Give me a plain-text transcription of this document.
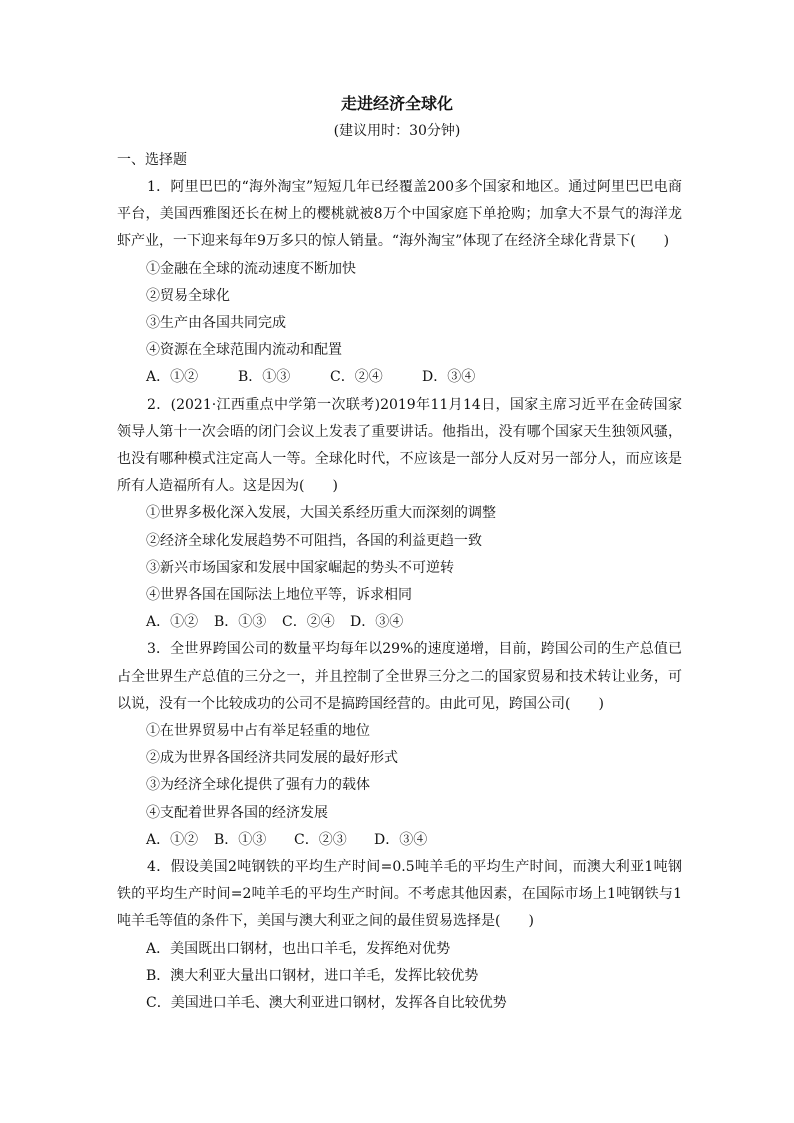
走进经济全球化
(建议用时：30分钟)
一、选择题

1．阿里巴巴的“海外淘宝”短短几年已经覆盖200多个国家和地区。通过阿里巴巴电商平台，美国西雅图还长在树上的樱桃就被8万个中国家庭下单抢购；加拿大不景气的海洋龙虾产业，一下迎来每年9万多只的惊人销量。“海外淘宝”体现了在经济全球化背景下(　　)

①金融在全球的流动速度不断加快

②贸易全球化

③生产由各国共同完成

④资源在全球范围内流动和配置

A．①②	B．①③	C．②④	D．③④

2．(2021·江西重点中学第一次联考)2019年11月14日，国家主席习近平在金砖国家领导人第十一次会晤的闭门会议上发表了重要讲话。他指出，没有哪个国家天生独领风骚，也没有哪种模式注定高人一等。全球化时代，不应该是一部分人反对另一部分人，而应该是所有人造福所有人。这是因为(　　)

①世界多极化深入发展，大国关系经历重大而深刻的调整

②经济全球化发展趋势不可阻挡，各国的利益更趋一致

③新兴市场国家和发展中国家崛起的势头不可逆转

④世界各国在国际法上地位平等，诉求相同

A．①② B．①③ C．②④ D．③④

3．全世界跨国公司的数量平均每年以29%的速度递增，目前，跨国公司的生产总值已占全世界生产总值的三分之一，并且控制了全世界三分之二的国家贸易和技术转让业务，可以说，没有一个比较成功的公司不是搞跨国经营的。由此可见，跨国公司(　　)

①在世界贸易中占有举足轻重的地位

②成为世界各国经济共同发展的最好形式

③为经济全球化提供了强有力的载体

④支配着世界各国的经济发展

A．①② B．①③ C．②③ D．③④

4．假设美国2吨钢铁的平均生产时间=0.5吨羊毛的平均生产时间，而澳大利亚1吨钢铁的平均生产时间=2吨羊毛的平均生产时间。不考虑其他因素，在国际市场上1吨钢铁与1吨羊毛等值的条件下，美国与澳大利亚之间的最佳贸易选择是(　　)

A．美国既出口钢材，也出口羊毛，发挥绝对优势

B．澳大利亚大量出口钢材，进口羊毛，发挥比较优势

C．美国进口羊毛、澳大利亚进口钢材，发挥各自比较优势
